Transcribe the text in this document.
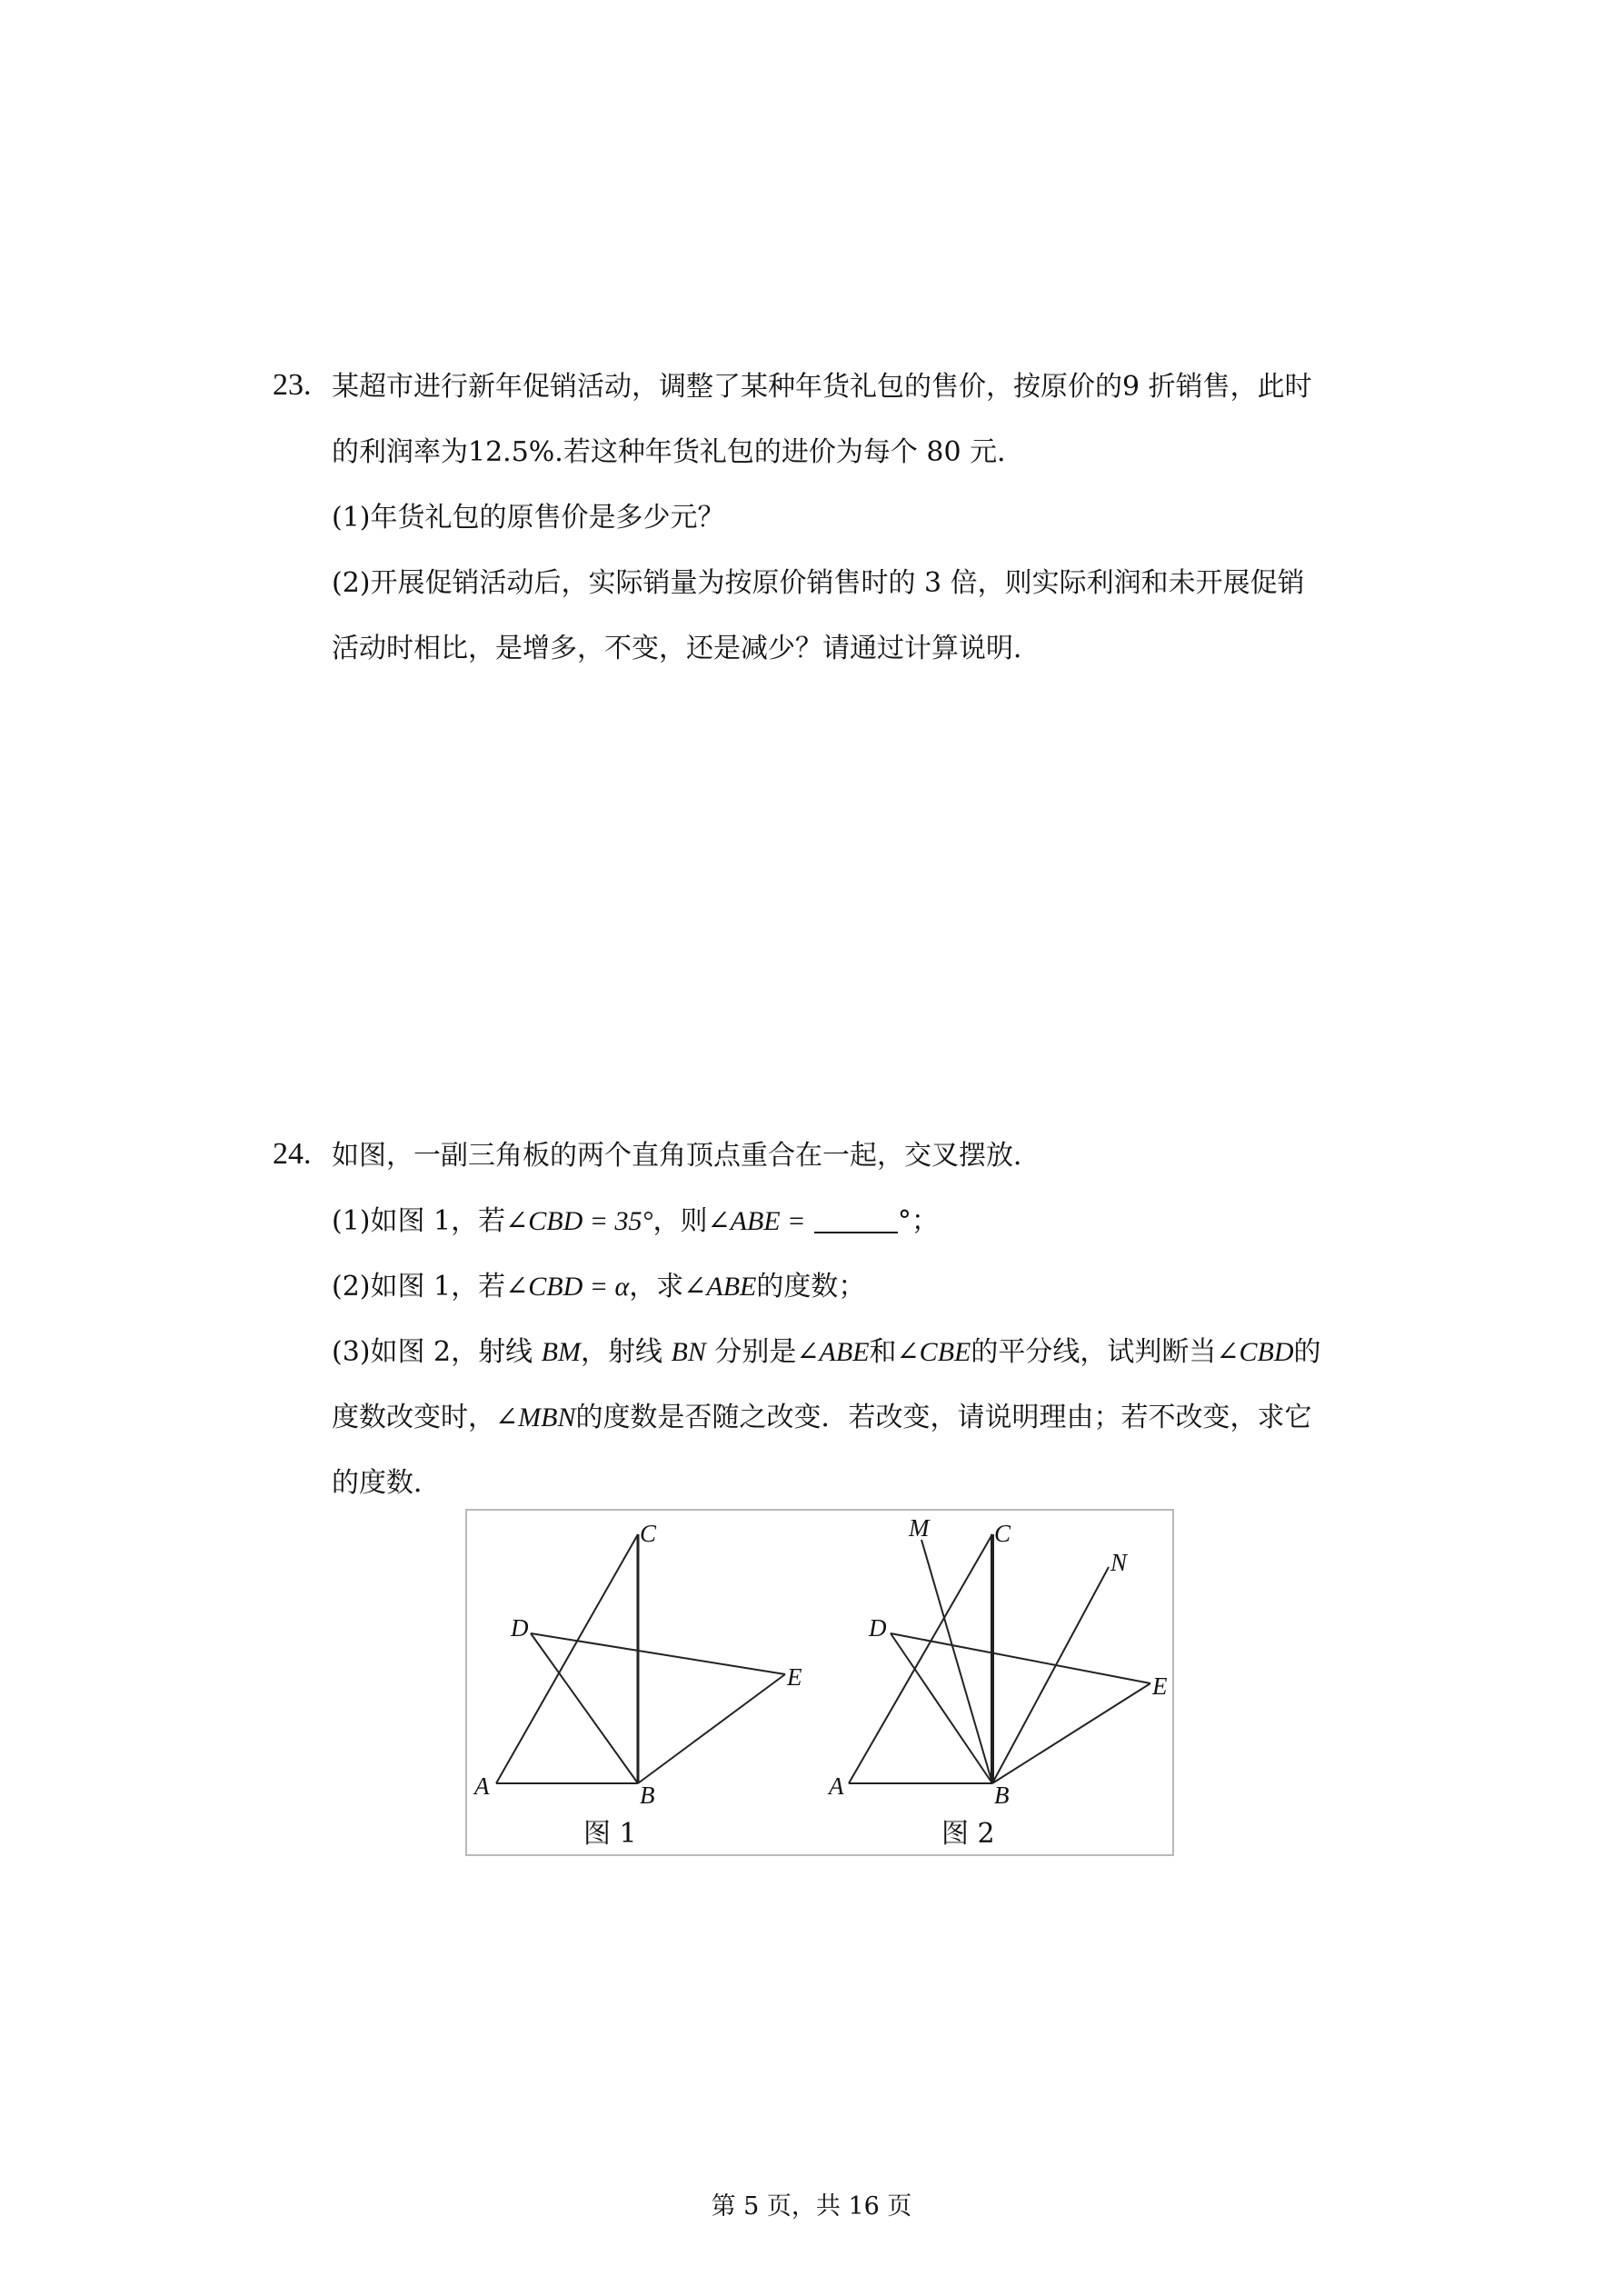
23. 某超市进行新年促销活动，调整了某种年货礼包的售价，按原价的9 折销售，此时
的利润率为12.5%.若这种年货礼包的进价为每个 80 元．
(1)年货礼包的原售价是多少元？
(2)开展促销活动后，实际销量为按原价销售时的 3 倍，则实际利润和未开展促销
活动时相比，是增多，不变，还是减少？请通过计算说明．
24. 如图，一副三角板的两个直角顶点重合在一起，交叉摆放．
(1)如图 1，若∠CBD = 35°，则∠ABE =	°；
(2)如图 1，若∠CBD = α，求∠ABE的度数；
(3)如图 2，射线 BM，射线 BN 分别是∠ABE和∠CBE的平分线，试判断当∠CBD的
度数改变时，∠MBN的度数是否随之改变．若改变，请说明理由；若不改变，求它
的度数．
C
D
E
A	B
图 1
M	C
N
D
E
A	B
图 2
第 5 页，共 16 页
